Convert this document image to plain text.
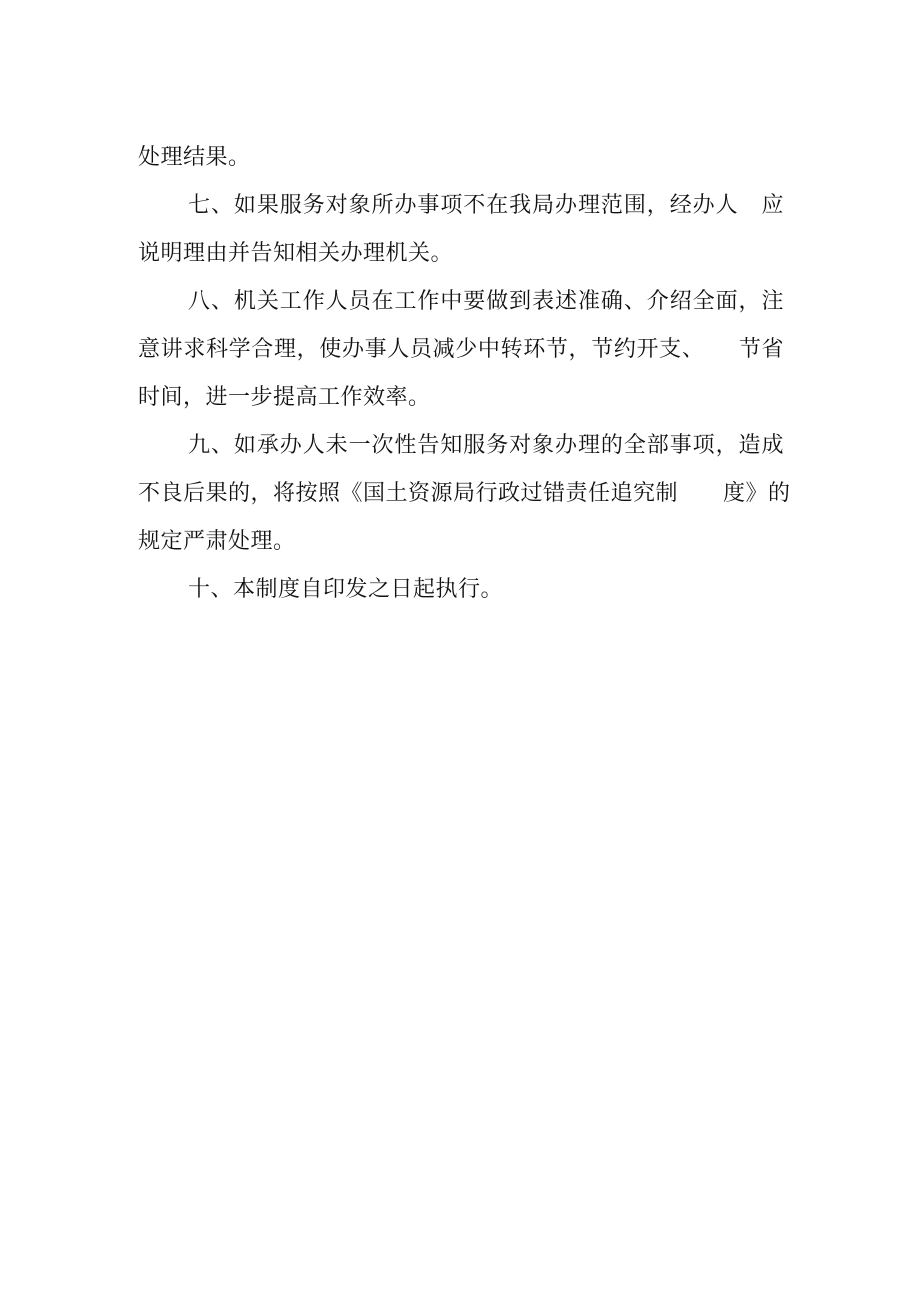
处理结果。
七、如果服务对象所办事项不在我局办理范围，经办人　应
说明理由并告知相关办理机关。
八、机关工作人员在工作中要做到表述准确、介绍全面，注
意讲求科学合理，使办事人员减少中转环节，节约开支、　　节省
时间，进一步提高工作效率。
九、如承办人未一次性告知服务对象办理的全部事项，造成
不良后果的，将按照《国土资源局行政过错责任追究制　　度》的
规定严肃处理。
十、本制度自印发之日起执行。
